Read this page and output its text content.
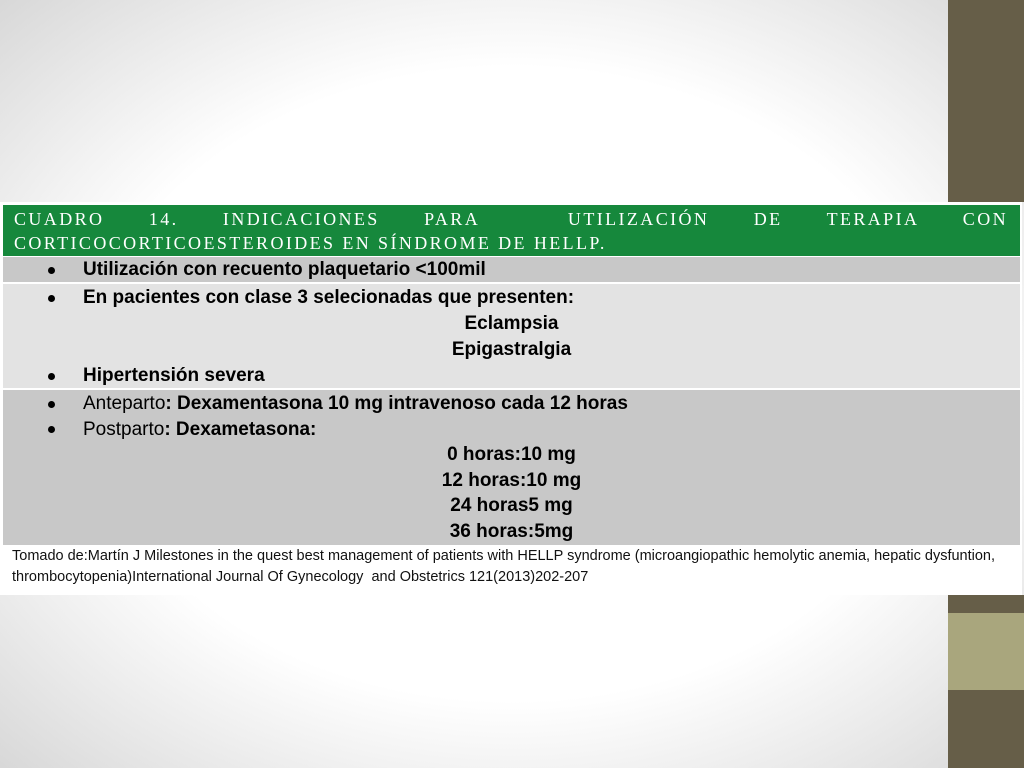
CUADRO 14. INDICACIONES PARA  UTILIZACIÓN DE TERAPIA CON
CORTICOCORTICOESTEROIDES EN SÍNDROME DE HELLP.
Utilización con recuento plaquetario <100mil
En pacientes con clase 3 selecionadas que presenten:
Eclampsia
Epigastralgia
Hipertensión severa
Anteparto: Dexamentasona 10 mg intravenoso cada 12 horas
Postparto: Dexametasona:
0 horas:10 mg
12 horas:10 mg
24 horas5 mg
36 horas:5mg
Tomado de:Martín J Milestones in the quest best management of patients with HELLP syndrome (microangiopathic hemolytic anemia, hepatic dysfuntion, thrombocytopenia)International Journal Of Gynecology  and Obstetrics 121(2013)202-207
